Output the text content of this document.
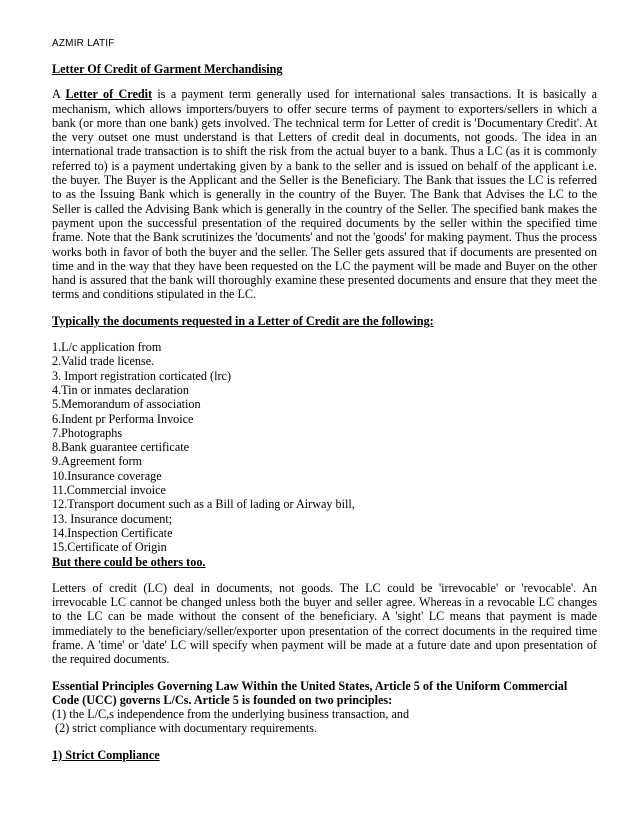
AZMIR LATIF

Letter Of Credit of Garment Merchandising

A Letter of Credit is a payment term generally used for international sales transactions. It is basically a mechanism, which allows importers/buyers to offer secure terms of payment to exporters/sellers in which a bank (or more than one bank) gets involved. The technical term for Letter of credit is 'Documentary Credit'. At the very outset one must understand is that Letters of credit deal in documents, not goods. The idea in an international trade transaction is to shift the risk from the actual buyer to a bank. Thus a LC (as it is commonly referred to) is a payment undertaking given by a bank to the seller and is issued on behalf of the applicant i.e. the buyer. The Buyer is the Applicant and the Seller is the Beneficiary. The Bank that issues the LC is referred to as the Issuing Bank which is generally in the country of the Buyer. The Bank that Advises the LC to the Seller is called the Advising Bank which is generally in the country of the Seller. The specified bank makes the payment upon the successful presentation of the required documents by the seller within the specified time frame. Note that the Bank scrutinizes the 'documents' and not the 'goods' for making payment. Thus the process works both in favor of both the buyer and the seller. The Seller gets assured that if documents are presented on time and in the way that they have been requested on the LC the payment will be made and Buyer on the other hand is assured that the bank will thoroughly examine these presented documents and ensure that they meet the terms and conditions stipulated in the LC.

Typically the documents requested in a Letter of Credit are the following:

1.L/c application from
2.Valid trade license.
3. Import registration corticated (lrc)
4.Tin or inmates declaration
5.Memorandum of association
6.Indent pr Performa Invoice
7.Photographs
8.Bank guarantee certificate
9.Agreement form
10.Insurance coverage
11.Commercial invoice
12.Transport document such as a Bill of lading or Airway bill,
13. Insurance document;
14.Inspection Certificate
15.Certificate of Origin

But there could be others too.

Letters of credit (LC) deal in documents, not goods. The LC could be 'irrevocable' or 'revocable'. An irrevocable LC cannot be changed unless both the buyer and seller agree. Whereas in a revocable LC changes to the LC can be made without the consent of the beneficiary. A 'sight' LC means that payment is made immediately to the beneficiary/seller/exporter upon presentation of the correct documents in the required time frame. A 'time' or 'date' LC will specify when payment will be made at a future date and upon presentation of the required documents.

Essential Principles Governing Law Within the United States, Article 5 of the Uniform Commercial Code (UCC) governs L/Cs. Article 5 is founded on two principles:

(1) the L/C,s independence from the underlying business transaction, and

(2) strict compliance with documentary requirements.

1) Strict Compliance
